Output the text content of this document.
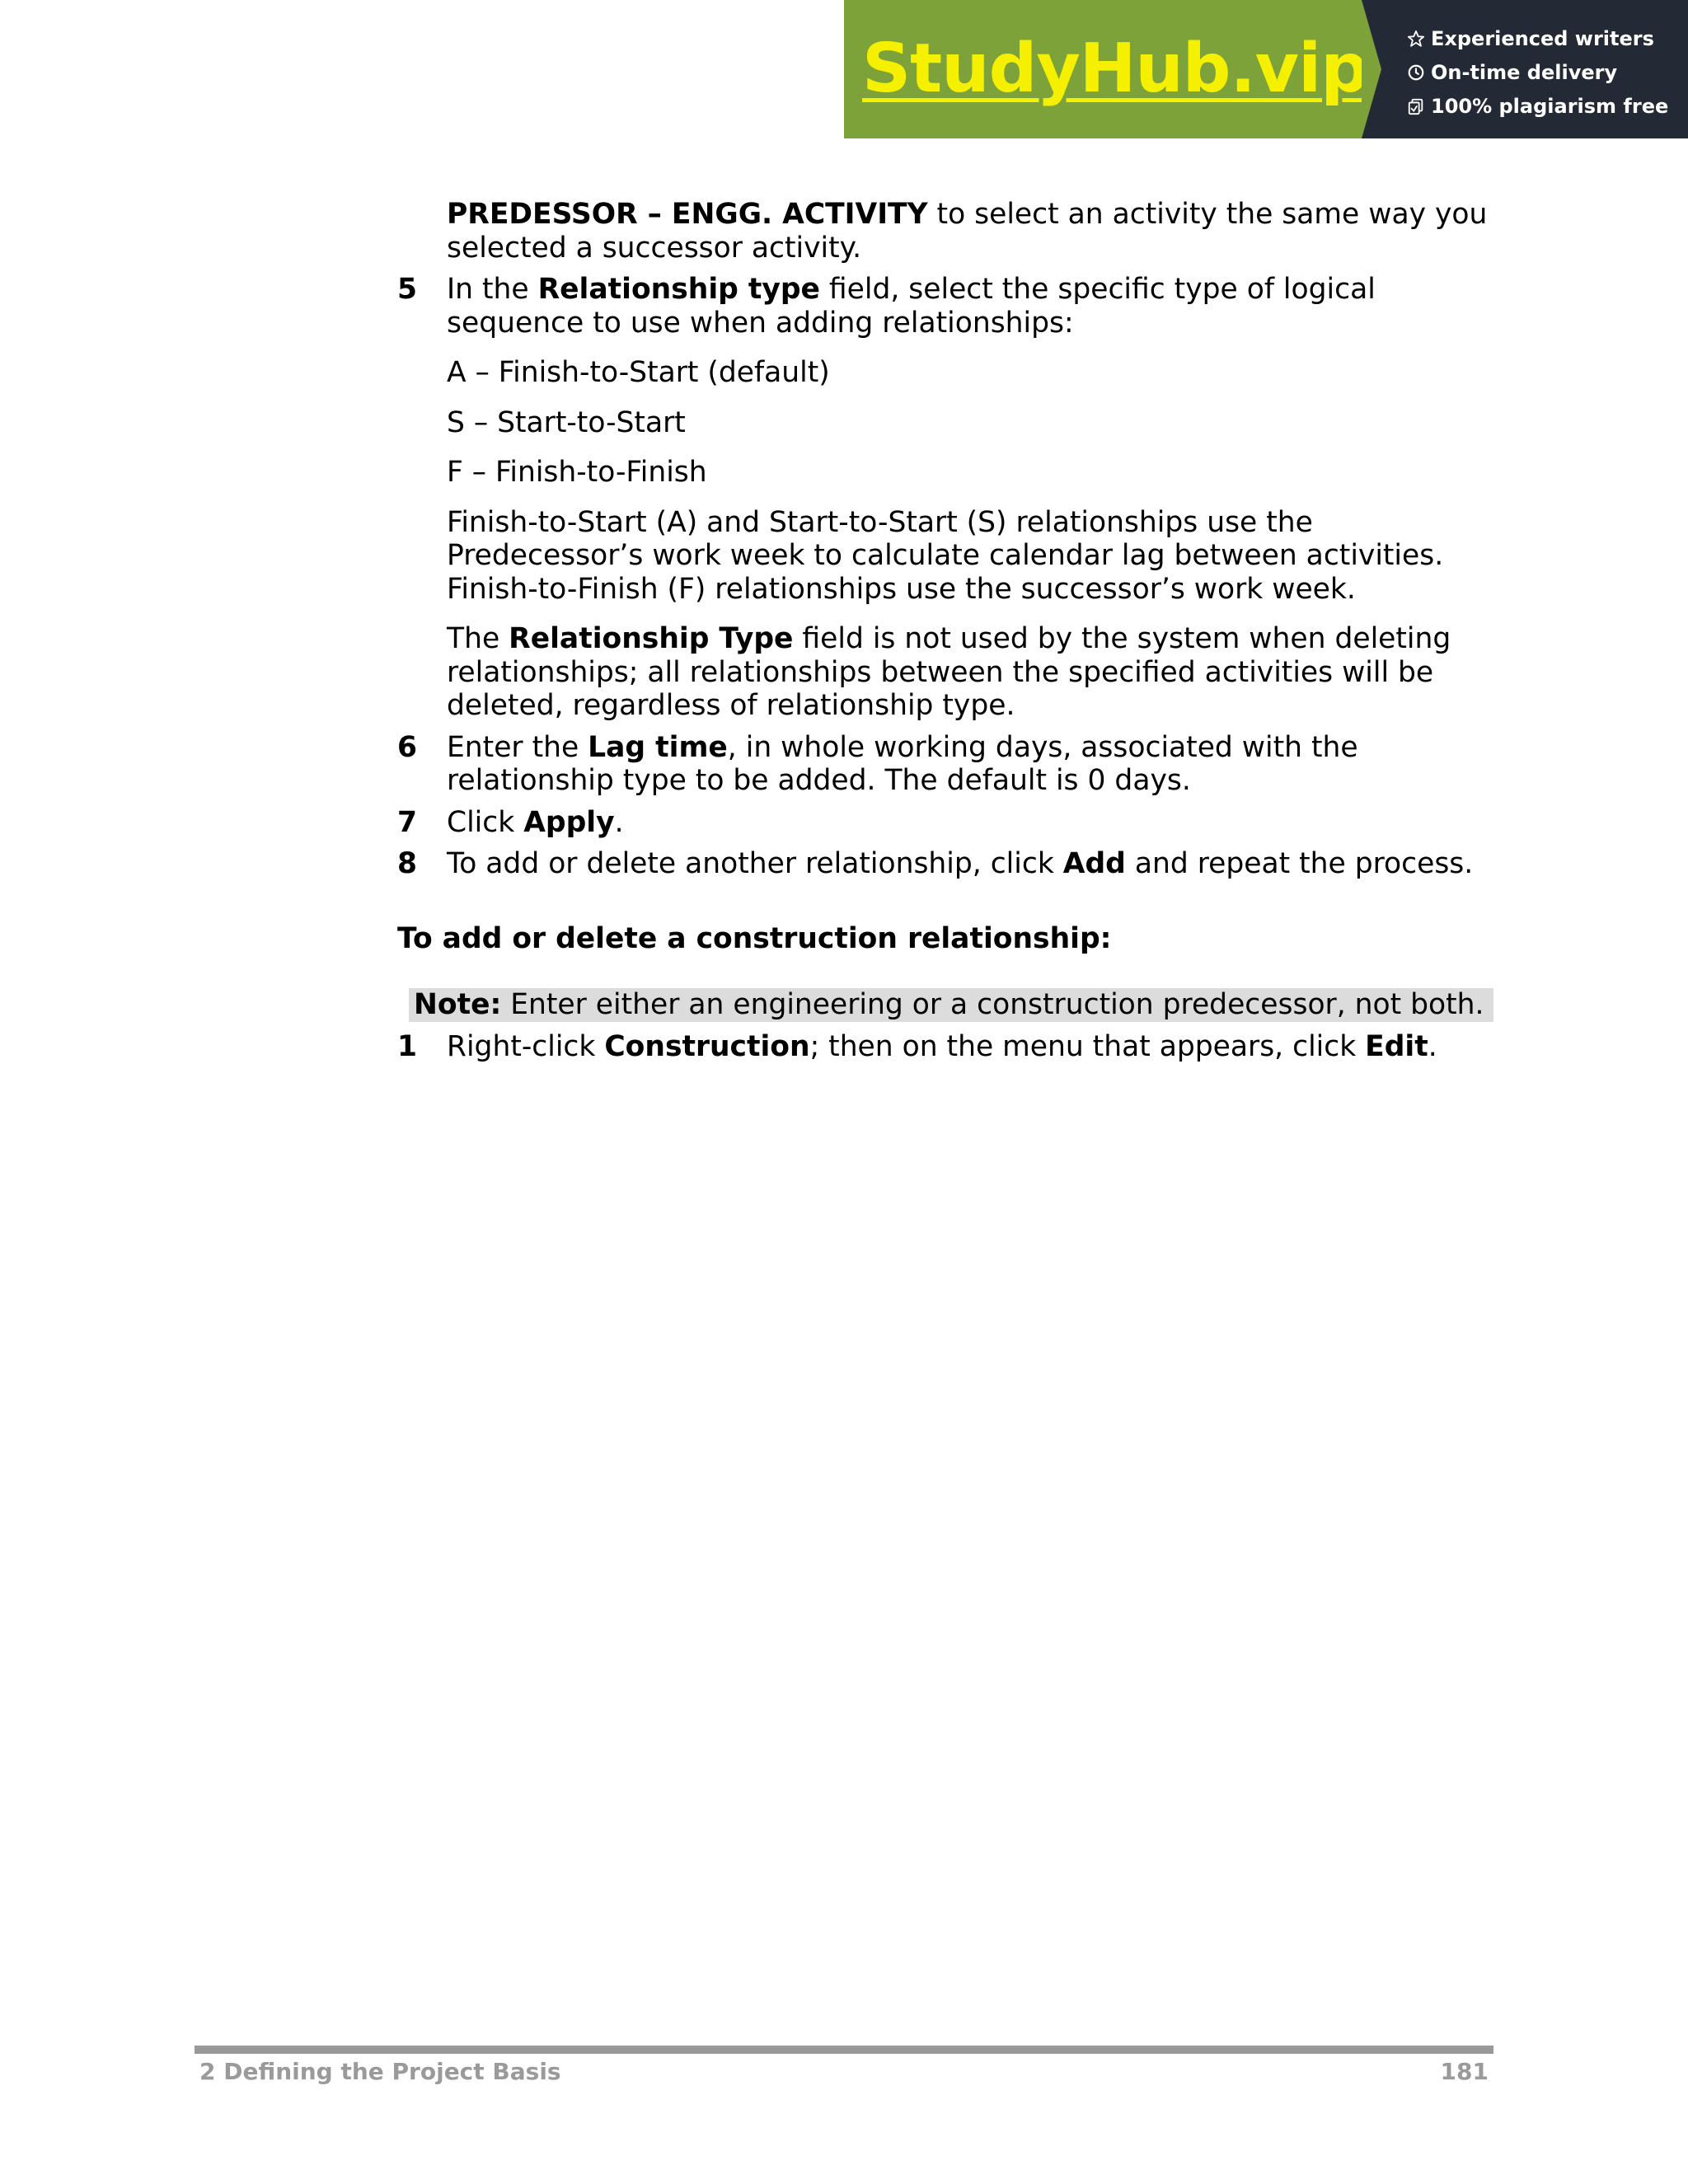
StudyHub.vip	Experienced writers
On-time delivery
100% plagiarism free

PREDESSOR – ENGG. ACTIVITY to select an activity the same way you selected a successor activity.

5	In the Relationship type field, select the specific type of logical sequence to use when adding relationships:

A – Finish-to-Start (default)

S – Start-to-Start

F – Finish-to-Finish

Finish-to-Start (A) and Start-to-Start (S) relationships use the Predecessor’s work week to calculate calendar lag between activities. Finish-to-Finish (F) relationships use the successor’s work week.

The Relationship Type field is not used by the system when deleting relationships; all relationships between the specified activities will be deleted, regardless of relationship type.

6	Enter the Lag time, in whole working days, associated with the relationship type to be added. The default is 0 days.
7	Click Apply.
8	To add or delete another relationship, click Add and repeat the process.

To add or delete a construction relationship:

Note: Enter either an engineering or a construction predecessor, not both.
1	Right-click Construction; then on the menu that appears, click Edit.
2 Defining the Project Basis	181
